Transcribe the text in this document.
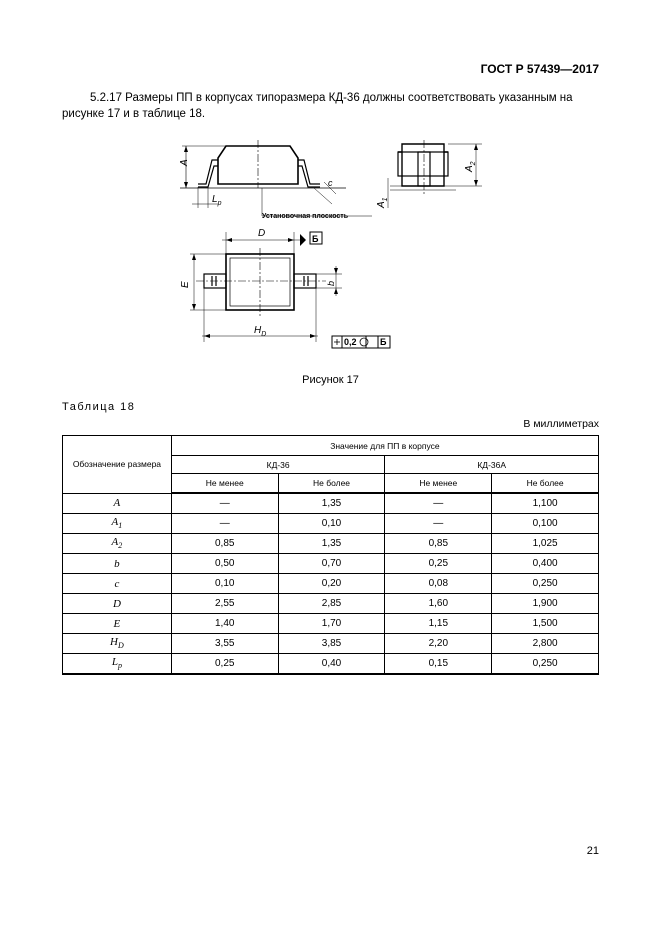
ГОСТ Р 57439—2017
5.2.17 Размеры ПП в корпусах типоразмера КД-36 должны соответствовать указанным на рисунке 17 и в таблице 18.
A
$L_p$
c
Установочная плоскость
$A_2$
$A_1$
D	Б
E	b
$H_D$
0,2	Б
Рисунок 17
Таблица 18
В миллиметрах
Обозначение размера	Значение для ПП в корпусе			
	КД-36		КД-36А	
	Не менее	Не более	Не менее	Не более
A	—	1,35	—	1,100
$A_1$	—	0,10	—	0,100
$A_2$	0,85	1,35	0,85	1,025
b	0,50	0,70	0,25	0,400
c	0,10	0,20	0,08	0,250
D	2,55	2,85	1,60	1,900
E	1,40	1,70	1,15	1,500
$H_D$	3,55	3,85	2,20	2,800
$L_p$	0,25	0,40	0,15	0,250
21
